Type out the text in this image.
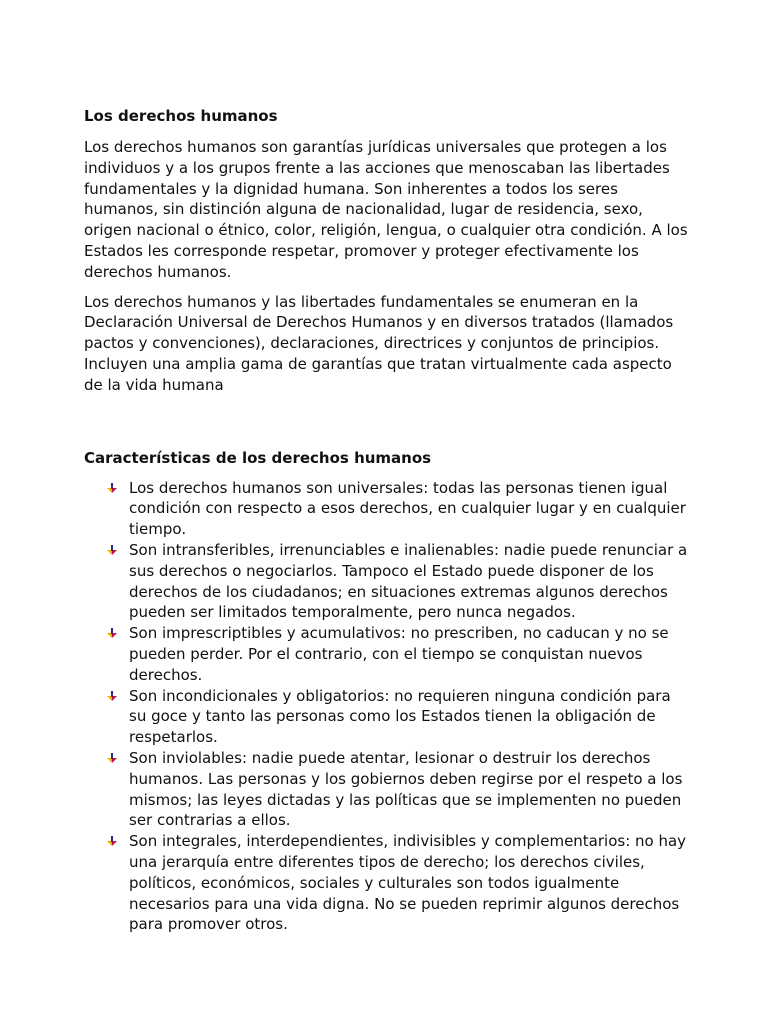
Los derechos humanos

Los derechos humanos son garantías jurídicas universales que protegen a los individuos y a los grupos frente a las acciones que menoscaban las libertades fundamentales y la dignidad humana. Son inherentes a todos los seres humanos, sin distinción alguna de nacionalidad, lugar de residencia, sexo, origen nacional o étnico, color, religión, lengua, o cualquier otra condición. A los Estados les corresponde respetar, promover y proteger efectivamente los derechos humanos.

Los derechos humanos y las libertades fundamentales se enumeran en la Declaración Universal de Derechos Humanos y en diversos tratados (llamados pactos y convenciones), declaraciones, directrices y conjuntos de principios. Incluyen una amplia gama de garantías que tratan virtualmente cada aspecto de la vida humana

Características de los derechos humanos
Los derechos humanos son universales: todas las personas tienen igual condición con respecto a esos derechos, en cualquier lugar y en cualquier tiempo.
Son intransferibles, irrenunciables e inalienables: nadie puede renunciar a sus derechos o negociarlos. Tampoco el Estado puede disponer de los derechos de los ciudadanos; en situaciones extremas algunos derechos pueden ser limitados temporalmente, pero nunca negados.
Son imprescriptibles y acumulativos: no prescriben, no caducan y no se pueden perder. Por el contrario, con el tiempo se conquistan nuevos derechos.
Son incondicionales y obligatorios: no requieren ninguna condición para su goce y tanto las personas como los Estados tienen la obligación de respetarlos.
Son inviolables: nadie puede atentar, lesionar o destruir los derechos humanos. Las personas y los gobiernos deben regirse por el respeto a los mismos; las leyes dictadas y las políticas que se implementen no pueden ser contrarias a ellos.
Son integrales, interdependientes, indivisibles y complementarios: no hay una jerarquía entre diferentes tipos de derecho; los derechos civiles, políticos, económicos, sociales y culturales son todos igualmente necesarios para una vida digna. No se pueden reprimir algunos derechos para promover otros.
